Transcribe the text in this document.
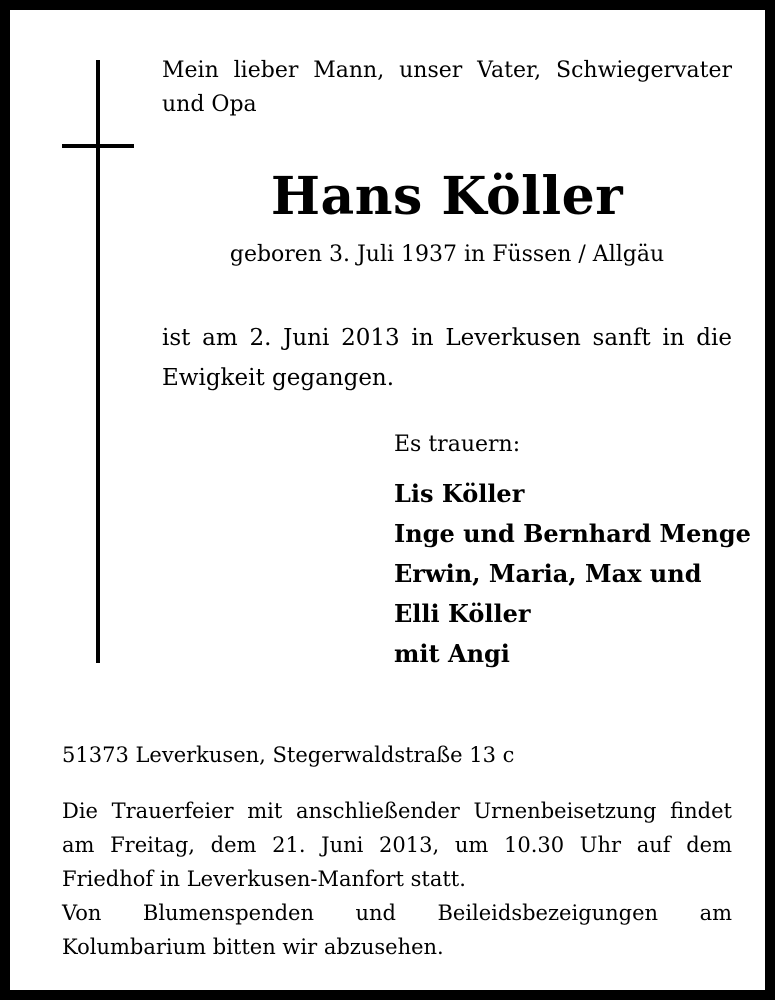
Mein lieber Mann, unser Vater, Schwiegervater und Opa
Hans Köller
geboren 3. Juli 1937 in Füssen / Allgäu
ist am 2. Juni 2013 in Leverkusen sanft in die Ewigkeit gegangen.
Es trauern:
Lis Köller
Inge und Bernhard Menge
Erwin, Maria, Max und
Elli Köller
mit Angi
51373 Leverkusen, Stegerwaldstraße 13 c

Die Trauerfeier mit anschließender Urnenbeisetzung findet am Freitag, dem 21. Juni 2013, um 10.30 Uhr auf dem Friedhof in Leverkusen-Manfort statt.

Von Blumenspenden und Beileidsbezeigungen am Kolumbarium bitten wir abzusehen.
